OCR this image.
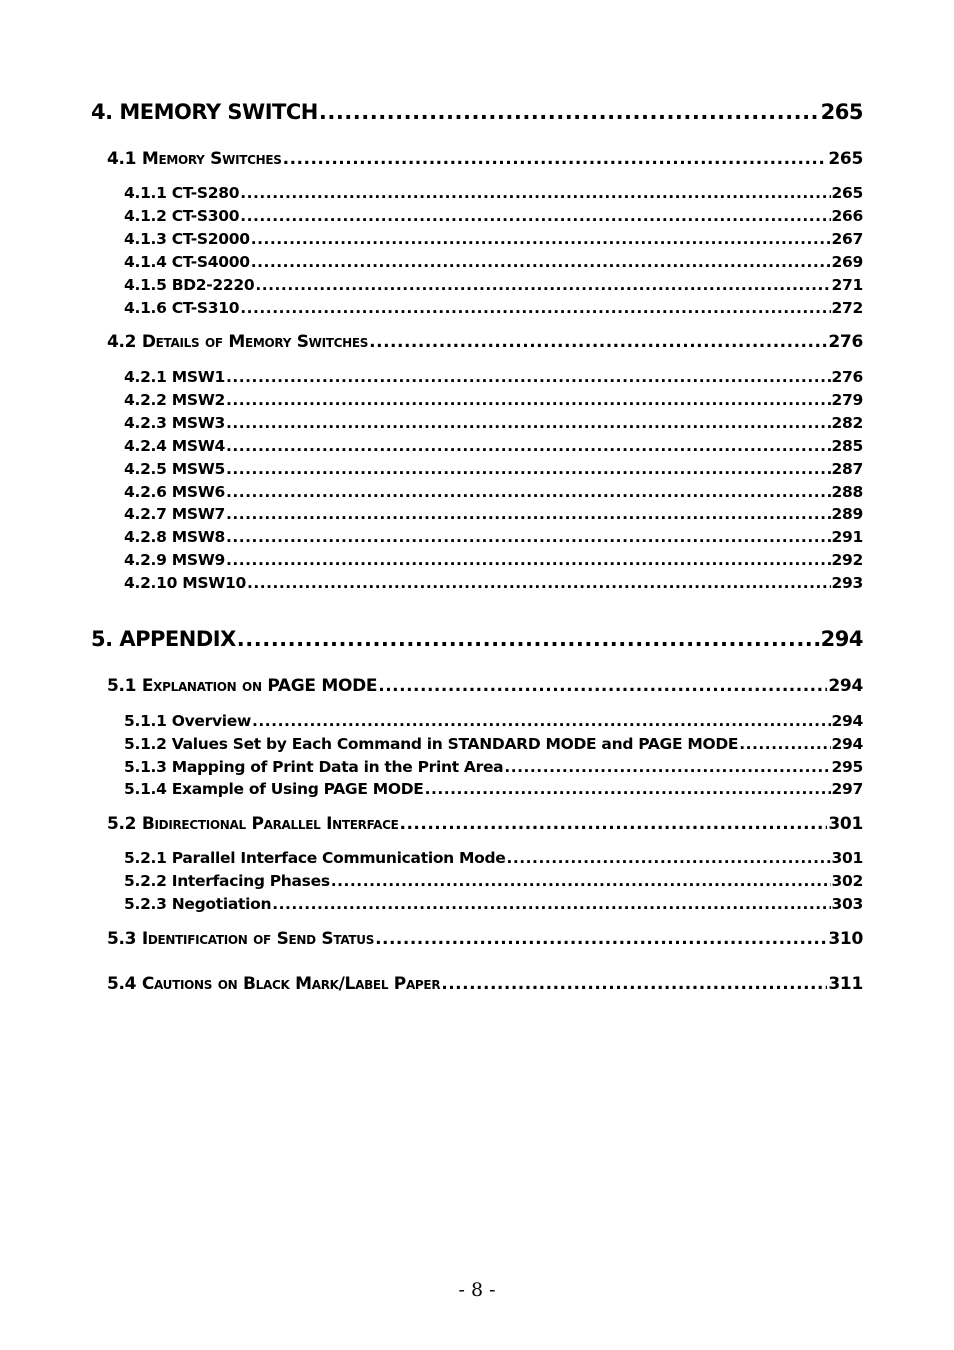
4. MEMORY SWITCH .....	265
4.1 Memory Switches .....	265
4.1.1 CT-S280 .....	265
4.1.2 CT-S300 .....	266
4.1.3 CT-S2000 .....	267
4.1.4 CT-S4000 .....	269
4.1.5 BD2-2220 .....	271
4.1.6 CT-S310 .....	272
4.2 Details of Memory Switches .....	276
4.2.1 MSW1 .....	276
4.2.2 MSW2 .....	279
4.2.3 MSW3 .....	282
4.2.4 MSW4 .....	285
4.2.5 MSW5 .....	287
4.2.6 MSW6 .....	288
4.2.7 MSW7 .....	289
4.2.8 MSW8 .....	291
4.2.9 MSW9 .....	292
4.2.10 MSW10 .....	293
5. APPENDIX .....	294
5.1 Explanation on PAGE MODE .....	294
5.1.1 Overview .....	294
5.1.2 Values Set by Each Command in STANDARD MODE and PAGE MODE .....	294
5.1.3 Mapping of Print Data in the Print Area .....	295
5.1.4 Example of Using PAGE MODE .....	297
5.2 Bidirectional Parallel Interface .....	301
5.2.1 Parallel Interface Communication Mode .....	301
5.2.2 Interfacing Phases .....	302
5.2.3 Negotiation .....	303
5.3 Identification of Send Status .....	310
5.4 Cautions on Black Mark/Label Paper .....	311
- 8 -
